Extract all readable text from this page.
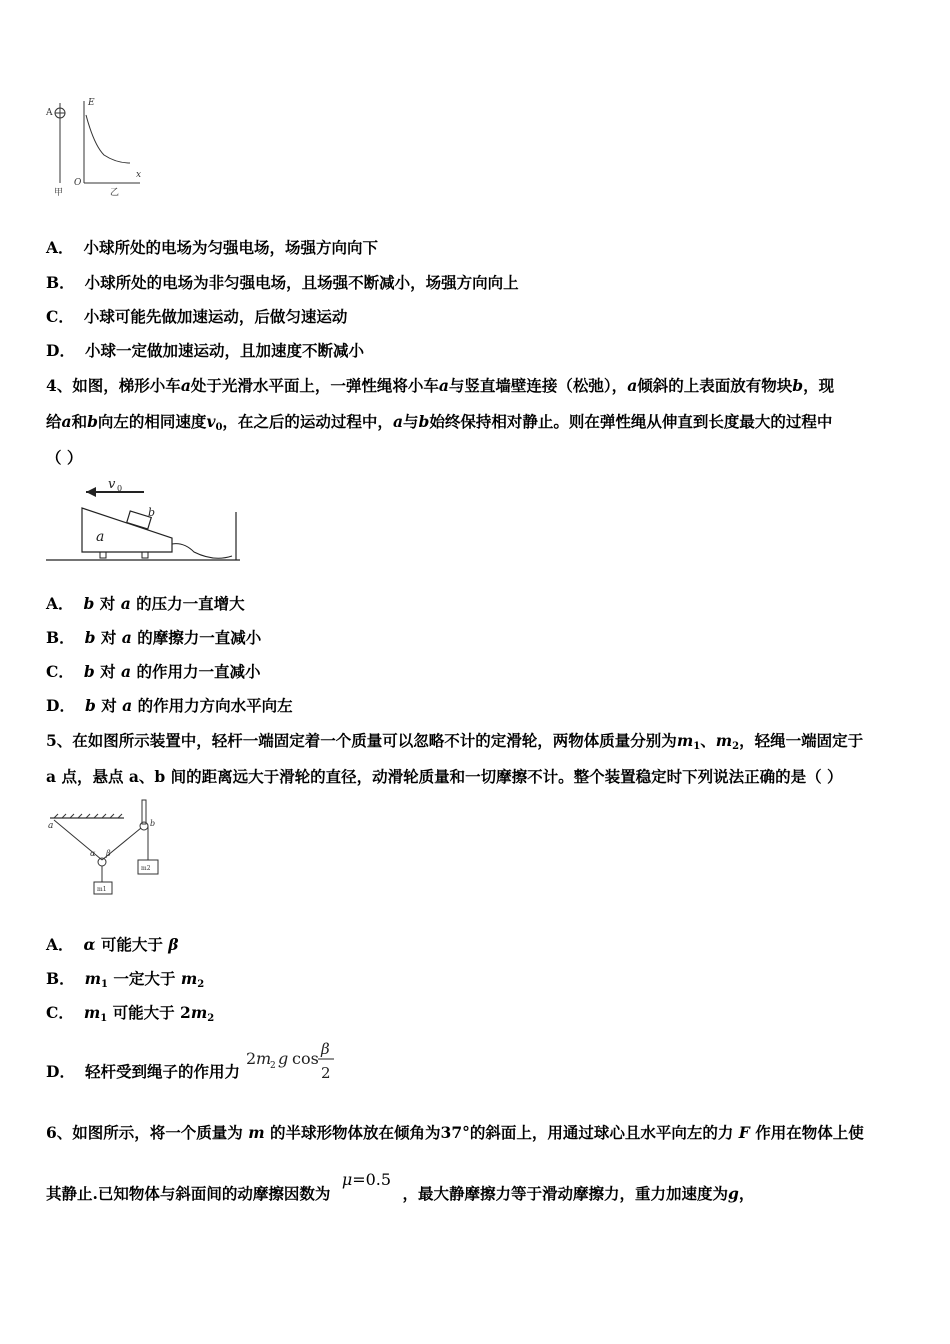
A
甲
E
O
x
乙
A． 小球所处的电场为匀强电场，场强方向向下
B． 小球所处的电场为非匀强电场，且场强不断减小，场强方向向上
C． 小球可能先做加速运动，后做匀速运动
D． 小球一定做加速运动，且加速度不断减小
4、如图，梯形小车a处于光滑水平面上，一弹性绳将小车a与竖直墙壁连接（松弛），a倾斜的上表面放有物块b，现
给a和b向左的相同速度$v_0$，在之后的运动过程中，a与b始终保持相对静止。则在弹性绳从伸直到长度最大的过程中
（ ）
v 0
a
b
A． b 对 a 的压力一直增大
B． b 对 a 的摩擦力一直减小
C． b 对 a 的作用力一直减小
D． b 对 a 的作用力方向水平向左
5、在如图所示装置中，轻杆一端固定着一个质量可以忽略不计的定滑轮，两物体质量分别为$m_1$、$m_2$，轻绳一端固定于
a 点，悬点 a、b 间的距离远大于滑轮的直径，动滑轮质量和一切摩擦不计。整个装置稳定时下列说法正确的是（ ）
a	b
α β
m1
m2
A． α 可能大于 β
B． $m_1$ 一定大于 $m_2$
C． $m_1$ 可能大于 $2m_2$
D． 轻杆受到绳子的作用力
2 m
2 g cos β
2
6、如图所示，将一个质量为 m 的半球形物体放在倾角为37°的斜面上，用通过球心且水平向左的力 F 作用在物体上使
其静止.已知物体与斜面间的动摩擦因数为 μ=0.5 ，最大静摩擦力等于滑动摩擦力，重力加速度为g，
